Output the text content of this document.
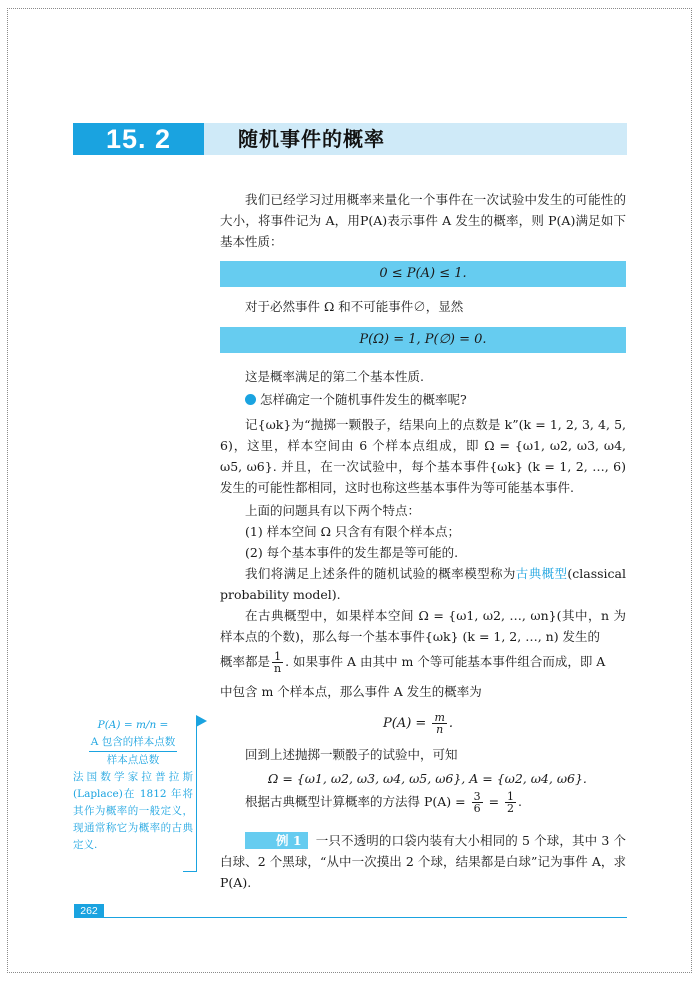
15. 2	随机事件的概率

我们已经学习过用概率来量化一个事件在一次试验中发生的可能性的大小，将事件记为 A，用P(A)表示事件 A 发生的概率，则 P(A)满足如下基本性质：

0 ≤ P(A) ≤ 1.
对于必然事件 Ω 和不可能事件∅，显然
P(Ω) = 1, P(∅) = 0.
这是概率满足的第二个基本性质.
怎样确定一个随机事件发生的概率呢?

记{ωk}为“抛掷一颗骰子，结果向上的点数是 k”(k = 1, 2, 3, 4, 5, 6)，这里，样本空间由 6 个样本点组成，即 Ω = {ω1, ω2, ω3, ω4, ω5, ω6}. 并且，在一次试验中，每个基本事件{ωk} (k = 1, 2, …, 6) 发生的可能性都相同，这时也称这些基本事件为等可能基本事件.

上面的问题具有以下两个特点：
(1) 样本空间 Ω 只含有有限个样本点；
(2) 每个基本事件的发生都是等可能的.

我们将满足上述条件的随机试验的概率模型称为古典概型(classical probability model).

在古典概型中，如果样本空间 Ω = {ω1, ω2, …, ωn}(其中，n 为样本点的个数)，那么每一个基本事件{ωk} (k = 1, 2, …, n) 发生的

概率都是 $\frac{1}{n}$ . 如果事件 A 由其中 m 个等可能基本事件组合而成，即 A
中包含 m 个样本点，那么事件 A 发生的概率为
$P(A) = \frac{m}{n}$ .
回到上述抛掷一颗骰子的试验中，可知
Ω = {ω1, ω2, ω3, ω4, ω5, ω6}, A = {ω2, ω4, ω6}.
根据古典概型计算概率的方法得 $P(A) = \frac{3}{6} = \frac{1}{2}$ .

例 1 一只不透明的口袋内装有大小相同的 5 个球，其中 3 个白球、2 个黑球，“从中一次摸出 2 个球，结果都是白球”记为事件 A，求 P(A).

P(A) = m/n =
A 包含的样本点数
样本点总数
法国数学家拉普拉斯(Laplace)在 1812 年将其作为概率的一般定义，现通常称它为概率的古典定义.
262
